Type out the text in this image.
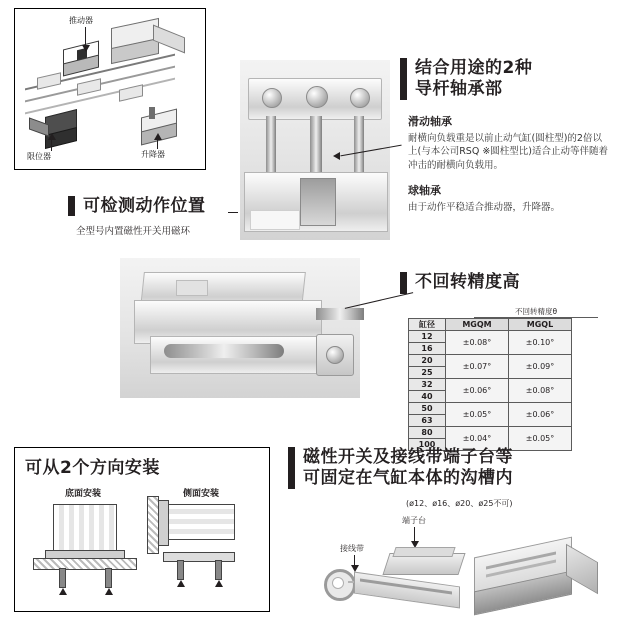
推动器
限位器	升降器
结合用途的2种
导杆轴承部
滑动轴承
耐横向负载重是以前止动气缸(圆柱型)的2倍以上(与本公司RSQ ※圆柱型比)适合止动等伴随着冲击的耐横向负载用。
球轴承
由于动作平稳适合推动器，升降器。
可检测动作位置
全型号内置磁性开关用磁环
不回转精度高
不回转精度θ
缸径	MGQM	MGQL
12	±0.08°	±0.10°
16		
20	±0.07°	±0.09°
25		
32	±0.06°	±0.08°
40		
50	±0.05°	±0.06°
63		
80	±0.04°	±0.05°
100		
可从2个方向安装
底面安装	侧面安装
磁性开关及接线带端子台等
可固定在气缸本体的沟槽内
(ø12、ø16、ø20、ø25不可)
端子台
接线带
